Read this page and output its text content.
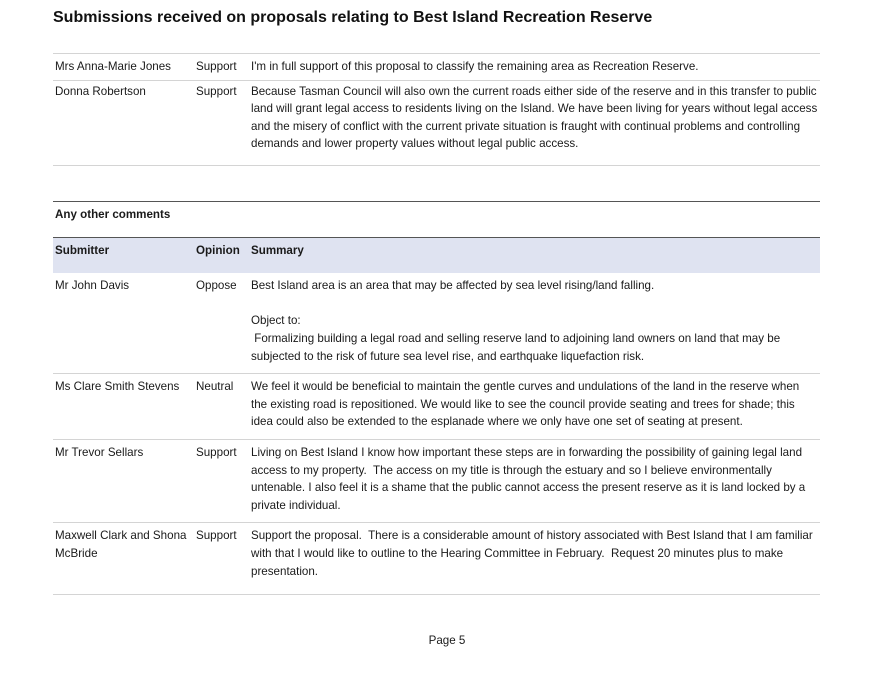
Submissions received on proposals relating to Best Island Recreation Reserve
Mrs Anna-Marie Jones	Support	I'm in full support of this proposal to classify the remaining area as Recreation Reserve.
Donna Robertson	Support	Because Tasman Council will also own the current roads either side of the reserve and in this transfer to public land will grant legal access to residents living on the Island. We have been living for years without legal access and the misery of conflict with the current private situation is fraught with continual problems and controlling demands and lower property values without legal public access.
Any other comments		
Submitter	Opinion	Summary
Mr John Davis	Oppose	Best Island area is an area that may be affected by sea level rising/land falling.

Object to:

Formalizing building a legal road and selling reserve land to adjoining land owners on land that may be subjected to the risk of future sea level rise, and earthquake liquefaction risk.

Ms Clare Smith Stevens	Neutral	We feel it would be beneficial to maintain the gentle curves and undulations of the land in the reserve when the existing road is repositioned. We would like to see the council provide seating and trees for shade; this idea could also be extended to the esplanade where we only have one set of seating at present.

Mr Trevor Sellars	Support	Living on Best Island I know how important these steps are in forwarding the possibility of gaining legal land access to my property.  The access on my title is through the estuary and so I believe environmentally untenable. I also feel it is a shame that the public cannot access the present reserve as it is land locked by a private individual.

Maxwell Clark and Shona McBride	Support	Support the proposal.  There is a considerable amount of history associated with Best Island that I am familiar with that I would like to outline to the Hearing Committee in February.  Request 20 minutes plus to make presentation.

Page 5
